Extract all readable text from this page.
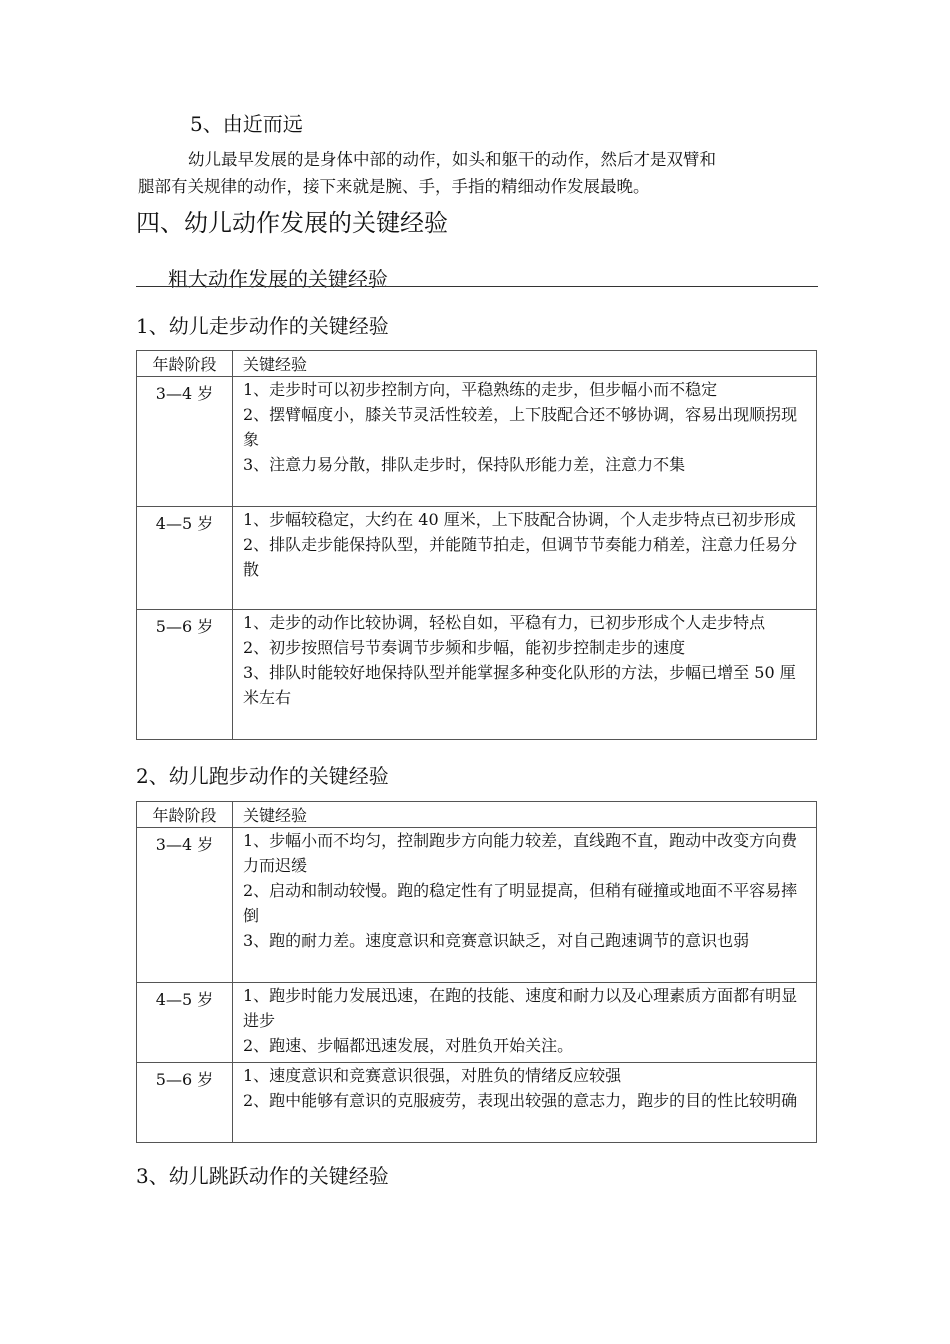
5、由近而远
幼儿最早发展的是身体中部的动作，如头和躯干的动作，然后才是双臂和
腿部有关规律的动作，接下来就是腕、手，手指的精细动作发展最晚。
四、幼儿动作发展的关键经验
粗大动作发展的关键经验
1、幼儿走步动作的关键经验
年龄阶段	关键经验
3—4 岁	1、走步时可以初步控制方向，平稳熟练的走步，但步幅小而不稳定

2、摆臂幅度小，膝关节灵活性较差，上下肢配合还不够协调，容易出现顺拐现象

3、注意力易分散，排队走步时，保持队形能力差，注意力不集

4—5 岁	1、步幅较稳定，大约在 40 厘米，上下肢配合协调，个人走步特点已初步形成

2、排队走步能保持队型，并能随节拍走，但调节节奏能力稍差，注意力任易分散

5—6 岁	1、走步的动作比较协调，轻松自如，平稳有力，已初步形成个人走步特点

2、初步按照信号节奏调节步频和步幅，能初步控制走步的速度

3、排队时能较好地保持队型并能掌握多种变化队形的方法，步幅已增至 50 厘米左右

2、幼儿跑步动作的关键经验
年龄阶段	关键经验
3—4 岁	1、步幅小而不均匀，控制跑步方向能力较差，直线跑不直，跑动中改变方向费力而迟缓

2、启动和制动较慢。跑的稳定性有了明显提高，但稍有碰撞或地面不平容易摔倒

3、跑的耐力差。速度意识和竞赛意识缺乏，对自己跑速调节的意识也弱

4—5 岁	1、跑步时能力发展迅速，在跑的技能、速度和耐力以及心理素质方面都有明显进步

2、跑速、步幅都迅速发展，对胜负开始关注。

5—6 岁	1、速度意识和竞赛意识很强，对胜负的情绪反应较强

2、跑中能够有意识的克服疲劳，表现出较强的意志力，跑步的目的性比较明确

3、幼儿跳跃动作的关键经验
